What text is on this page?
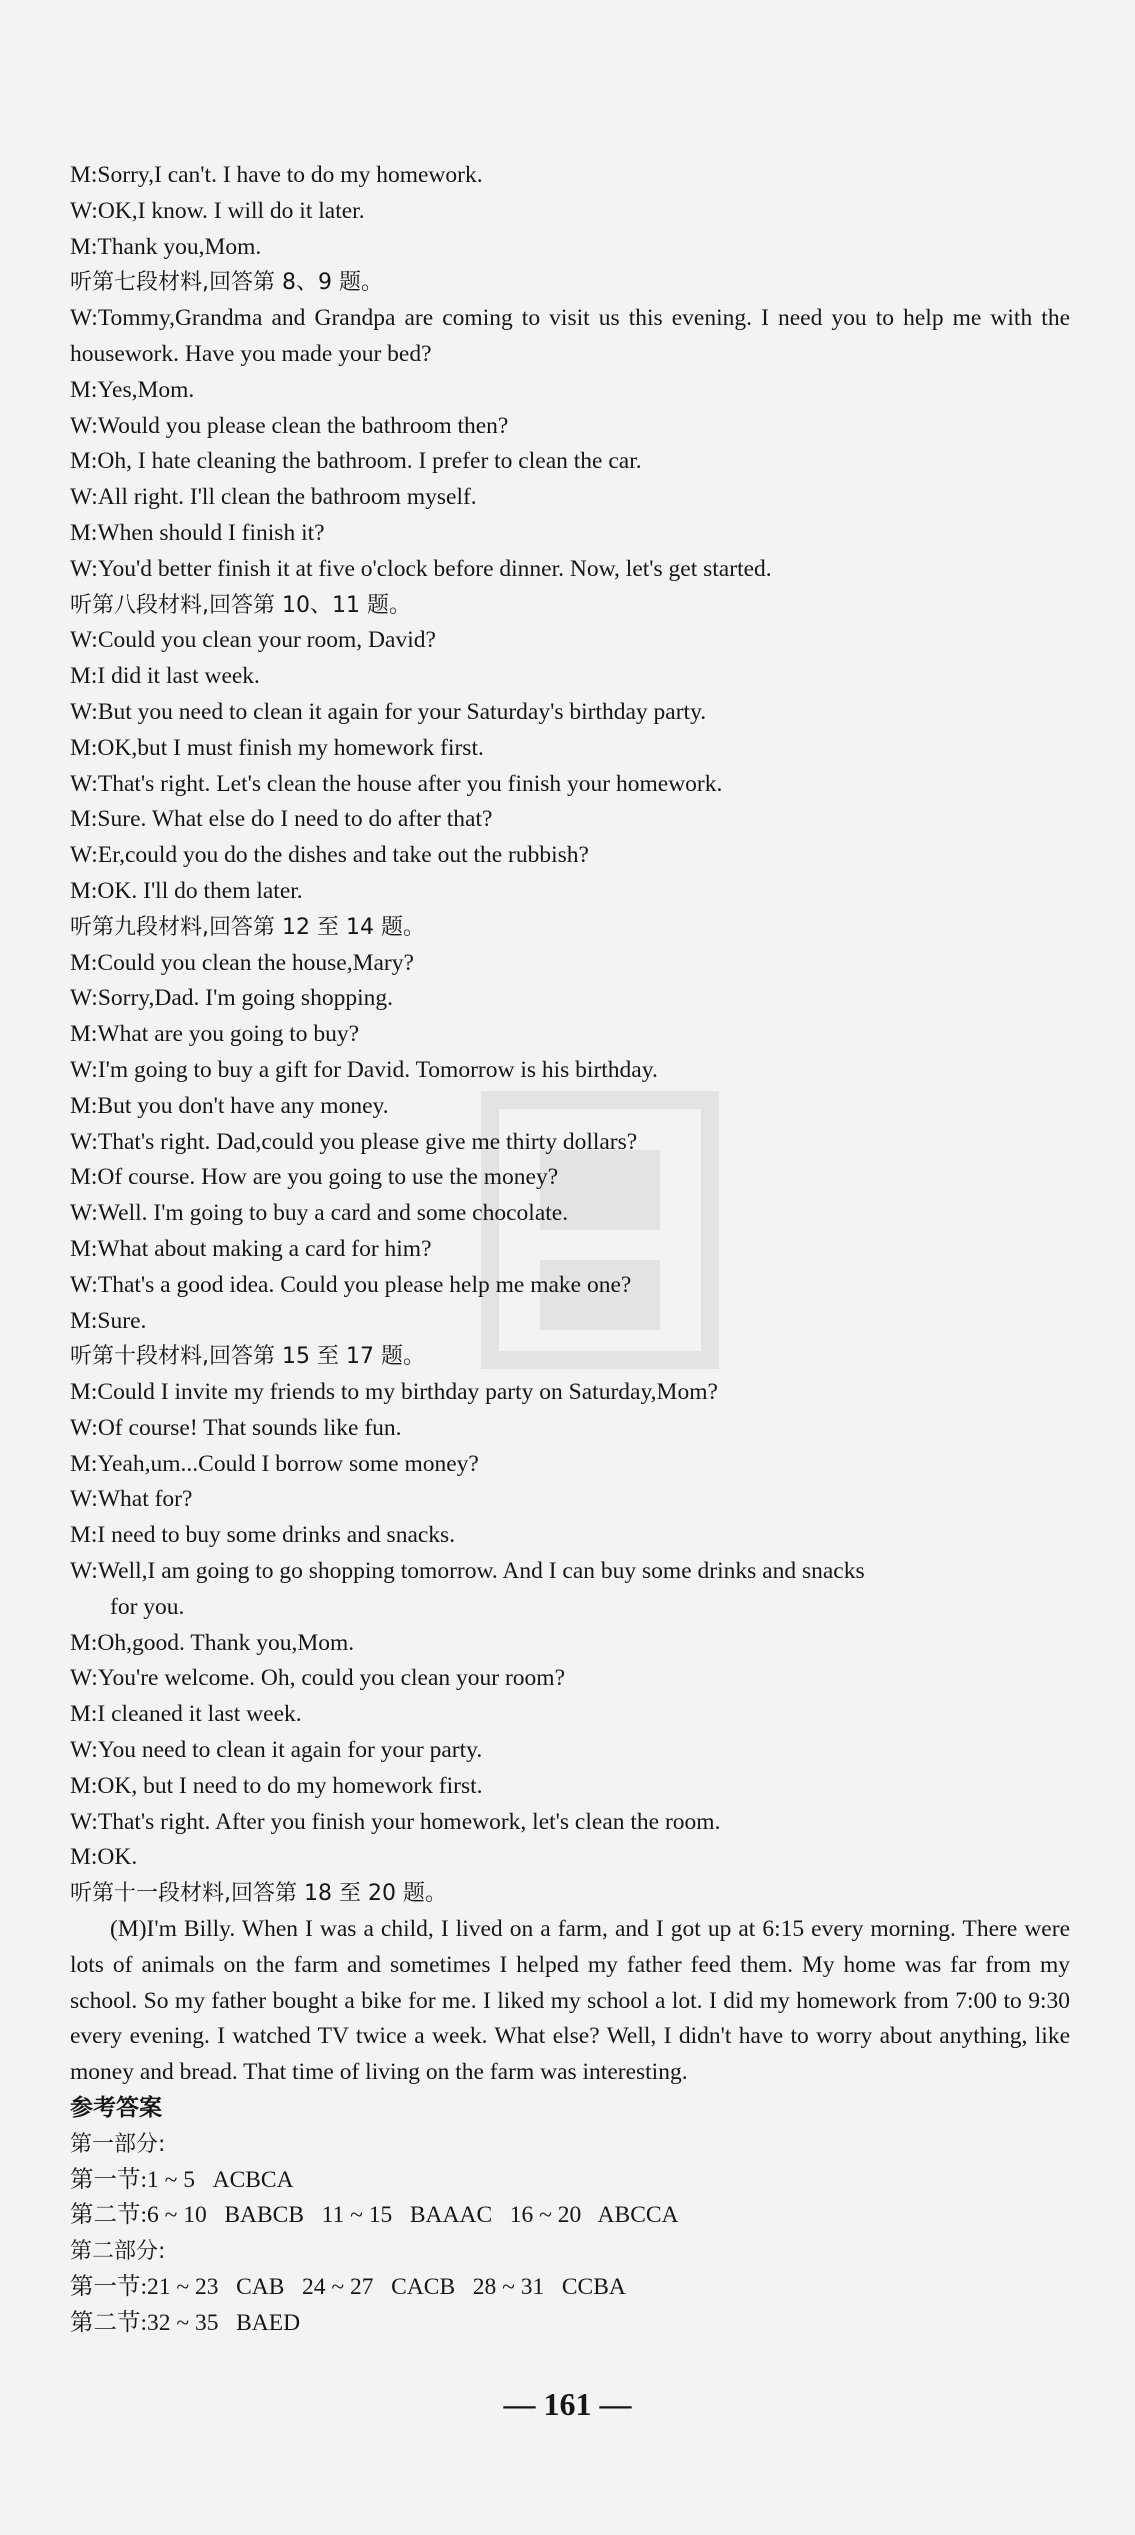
M:Sorry,I can't. I have to do my homework.
W:OK,I know. I will do it later.
M:Thank you,Mom.
听第七段材料,回答第 8、9 题。
W:Tommy,Grandma and Grandpa are coming to visit us this evening. I need you to help me with the housework. Have you made your bed?
M:Yes,Mom.
W:Would you please clean the bathroom then?
M:Oh, I hate cleaning the bathroom. I prefer to clean the car.
W:All right. I'll clean the bathroom myself.
M:When should I finish it?
W:You'd better finish it at five o'clock before dinner. Now, let's get started.
听第八段材料,回答第 10、11 题。
W:Could you clean your room, David?
M:I did it last week.
W:But you need to clean it again for your Saturday's birthday party.
M:OK,but I must finish my homework first.
W:That's right. Let's clean the house after you finish your homework.
M:Sure. What else do I need to do after that?
W:Er,could you do the dishes and take out the rubbish?
M:OK. I'll do them later.
听第九段材料,回答第 12 至 14 题。
M:Could you clean the house,Mary?
W:Sorry,Dad. I'm going shopping.
M:What are you going to buy?
W:I'm going to buy a gift for David. Tomorrow is his birthday.
M:But you don't have any money.
W:That's right. Dad,could you please give me thirty dollars?
M:Of course. How are you going to use the money?
W:Well. I'm going to buy a card and some chocolate.
M:What about making a card for him?
W:That's a good idea. Could you please help me make one?
M:Sure.
听第十段材料,回答第 15 至 17 题。
M:Could I invite my friends to my birthday party on Saturday,Mom?
W:Of course! That sounds like fun.
M:Yeah,um...Could I borrow some money?
W:What for?
M:I need to buy some drinks and snacks.
W:Well,I am going to go shopping tomorrow. And I can buy some drinks and snacks
for you.
M:Oh,good. Thank you,Mom.
W:You're welcome. Oh, could you clean your room?
M:I cleaned it last week.
W:You need to clean it again for your party.
M:OK, but I need to do my homework first.
W:That's right. After you finish your homework, let's clean the room.
M:OK.
听第十一段材料,回答第 18 至 20 题。
(M)I'm Billy. When I was a child, I lived on a farm, and I got up at 6:15 every morning. There were lots of animals on the farm and sometimes I helped my father feed them. My home was far from my school. So my father bought a bike for me. I liked my school a lot. I did my homework from 7:00 to 9:30 every evening. I watched TV twice a week. What else? Well, I didn't have to worry about anything, like money and bread. That time of living on the farm was interesting.
参考答案
第一部分:
第一节:1 ~ 5   ACBCA
第二节:6 ~ 10   BABCB   11 ~ 15   BAAAC   16 ~ 20   ABCCA
第二部分:
第一节:21 ~ 23   CAB   24 ~ 27   CACB   28 ~ 31   CCBA
第二节:32 ~ 35   BAED
— 161 —
